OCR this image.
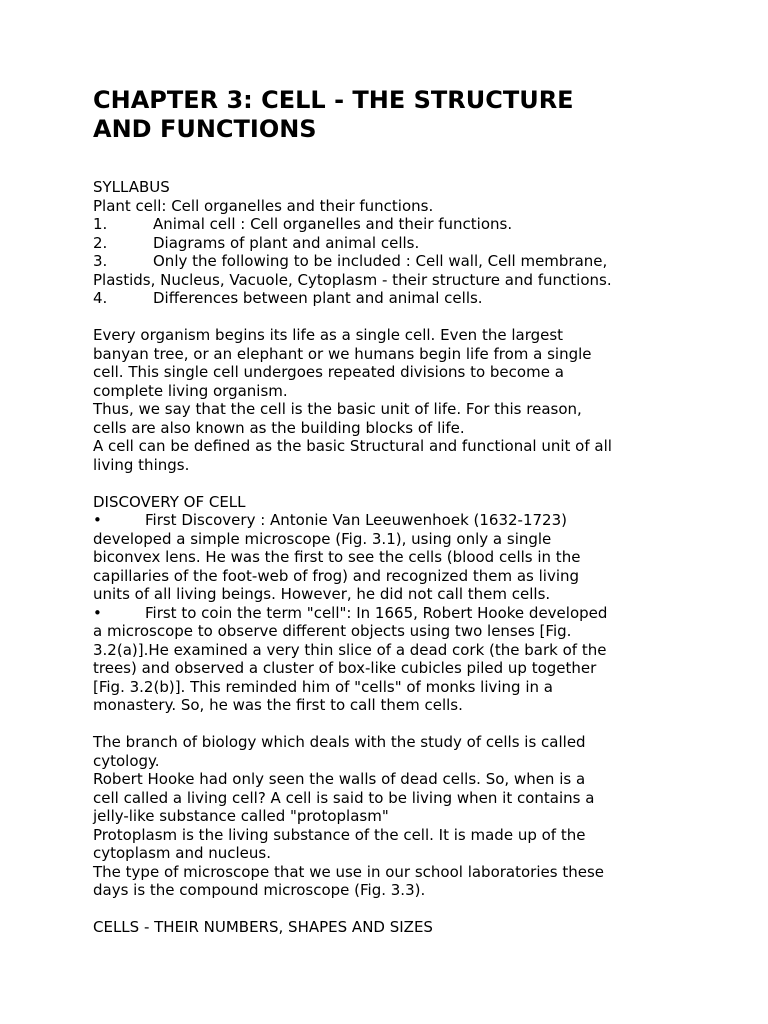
CHAPTER 3: CELL - THE STRUCTURE
AND FUNCTIONS
SYLLABUS
Plant cell: Cell organelles and their functions.
1.	Animal cell : Cell organelles and their functions.
2.	Diagrams of plant and animal cells.
3.	Only the following to be included : Cell wall, Cell membrane,
Plastids, Nucleus, Vacuole, Cytoplasm - their structure and functions.
4.	Differences between plant and animal cells.
Every organism begins its life as a single cell. Even the largest
banyan tree, or an elephant or we humans begin life from a single
cell. This single cell undergoes repeated divisions to become a
complete living organism.
Thus, we say that the cell is the basic unit of life. For this reason,
cells are also known as the building blocks of life.
A cell can be defined as the basic Structural and functional unit of all
living things.
DISCOVERY OF CELL
•	First Discovery : Antonie Van Leeuwenhoek (1632-1723)
developed a simple microscope (Fig. 3.1), using only a single
biconvex lens. He was the first to see the cells (blood cells in the
capillaries of the foot-web of frog) and recognized them as living
units of all living beings. However, he did not call them cells.
•	First to coin the term "cell": In 1665, Robert Hooke developed
a microscope to observe different objects using two lenses [Fig.
3.2(a)].He examined a very thin slice of a dead cork (the bark of the
trees) and observed a cluster of box-like cubicles piled up together
[Fig. 3.2(b)]. This reminded him of "cells" of monks living in a
monastery. So, he was the first to call them cells.
The branch of biology which deals with the study of cells is called
cytology.
Robert Hooke had only seen the walls of dead cells. So, when is a
cell called a living cell? A cell is said to be living when it contains a
jelly-like substance called "protoplasm"
Protoplasm is the living substance of the cell. It is made up of the
cytoplasm and nucleus.
The type of microscope that we use in our school laboratories these
days is the compound microscope (Fig. 3.3).
CELLS - THEIR NUMBERS, SHAPES AND SIZES
